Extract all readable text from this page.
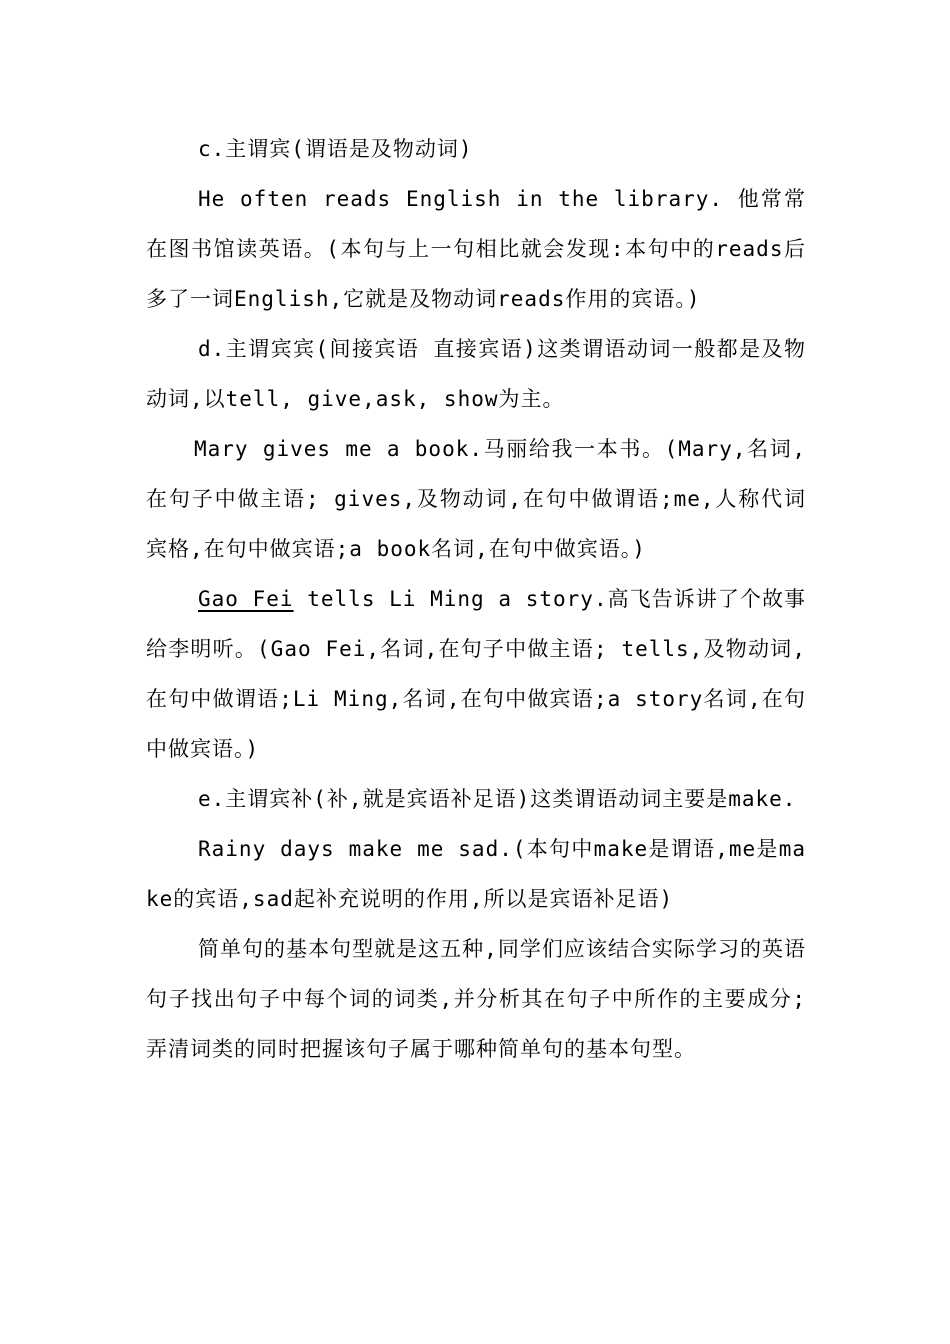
c.主谓宾(谓语是及物动词)

He often reads English in the library. 他常常在图书馆读英语。(本句与上一句相比就会发现:本句中的reads后多了一词English,它就是及物动词reads作用的宾语。)

d.主谓宾宾(间接宾语 直接宾语)这类谓语动词一般都是及物动词,以tell, give,ask, show为主。

Mary gives me a book.马丽给我一本书。(Mary,名词,在句子中做主语; gives,及物动词,在句中做谓语;me,人称代词宾格,在句中做宾语;a book名词,在句中做宾语。)

Gao Fei tells Li Ming a story.高飞告诉讲了个故事给李明听。(Gao Fei,名词,在句子中做主语; tells,及物动词,在句中做谓语;Li Ming,名词,在句中做宾语;a story名词,在句中做宾语。)

e.主谓宾补(补,就是宾语补足语)这类谓语动词主要是make.

Rainy days make me sad.(本句中make是谓语,me是make的宾语,sad起补充说明的作用,所以是宾语补足语)

简单句的基本句型就是这五种,同学们应该结合实际学习的英语句子找出句子中每个词的词类,并分析其在句子中所作的主要成分;弄清词类的同时把握该句子属于哪种简单句的基本句型。
